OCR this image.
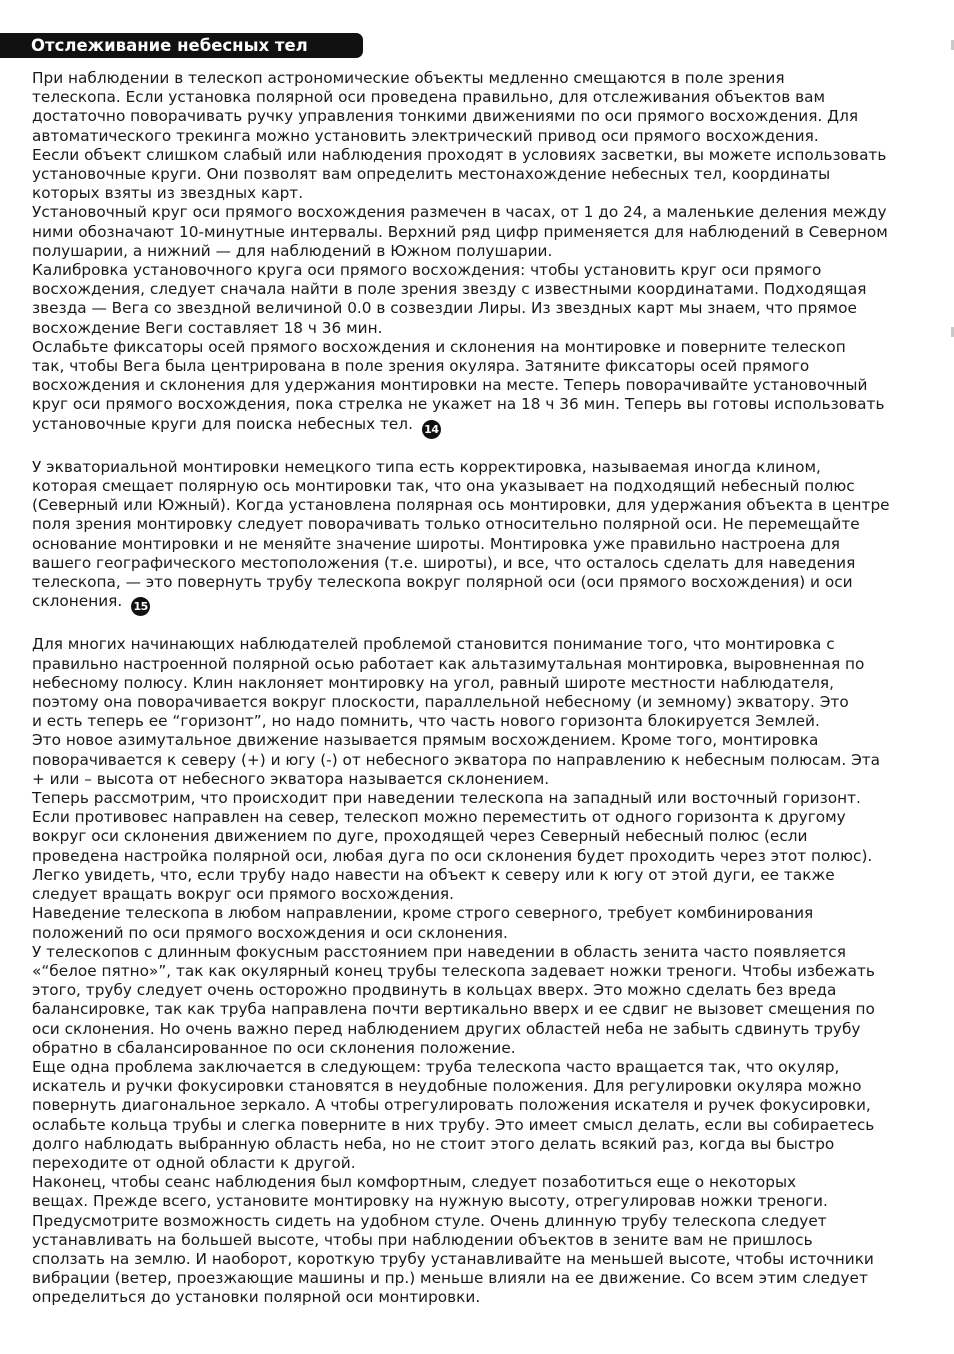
Отслеживание небесных тел
При наблюдении в телескоп астрономические объекты медленно смещаются в поле зрения
телескопа. Если установка полярной оси проведена правильно, для отслеживания объектов вам
достаточно поворачивать ручку управления тонкими движениями по оси прямого восхождения. Для
автоматического трекинга можно установить электрический привод оси прямого восхождения.
Еесли объект слишком слабый или наблюдения проходят в условиях засветки, вы можете использовать
установочные круги. Они позволят вам определить местонахождение небесных тел, координаты
которых взяты из звездных карт.
Установочный круг оси прямого восхождения размечен в часах, от 1 до 24, а маленькие деления между
ними обозначают 10-минутные интервалы. Верхний ряд цифр применяется для наблюдений в Северном
полушарии, а нижний — для наблюдений в Южном полушарии.
Калибровка установочного круга оси прямого восхождения: чтобы установить круг оси прямого
восхождения, следует сначала найти в поле зрения звезду с известными координатами. Подходящая
звезда — Вега со звездной величиной 0.0 в созвездии Лиры. Из звездных карт мы знаем, что прямое
восхождение Веги составляет 18 ч 36 мин.
Ослабьте фиксаторы осей прямого восхождения и склонения на монтировке и поверните телескоп
так, чтобы Вега была центрирована в поле зрения окуляра. Затяните фиксаторы осей прямого
восхождения и склонения для удержания монтировки на месте. Теперь поворачивайте установочный
круг оси прямого восхождения, пока стрелка не укажет на 18 ч 36 мин. Теперь вы готовы использовать
установочные круги для поиска небесных тел. 14
У экваториальной монтировки немецкого типа есть корректировка, называемая иногда клином,
которая смещает полярную ось монтировки так, что она указывает на подходящий небесный полюс
(Северный или Южный). Когда установлена полярная ось монтировки, для удержания объекта в центре
поля зрения монтировку следует поворачивать только относительно полярной оси. Не перемещайте
основание монтировки и не меняйте значение широты. Монтировка уже правильно настроена для
вашего географического местоположения (т.е. широты), и все, что осталось сделать для наведения
телескопа, — это повернуть трубу телескопа вокруг полярной оси (оси прямого восхождения) и оси
склонения. 15
Для многих начинающих наблюдателей проблемой становится понимание того, что монтировка с
правильно настроенной полярной осью работает как альтазимутальная монтировка, выровненная по
небесному полюсу. Клин наклоняет монтировку на угол, равный широте местности наблюдателя,
поэтому она поворачивается вокруг плоскости, параллельной небесному (и земному) экватору. Это
и есть теперь ее “горизонт”, но надо помнить, что часть нового горизонта блокируется Землей.
Это новое азимутальное движение называется прямым восхождением. Кроме того, монтировка
поворачивается к северу (+) и югу (-) от небесного экватора по направлению к небесным полюсам. Эта
+ или – высота от небесного экватора называется склонением.
Теперь рассмотрим, что происходит при наведении телескопа на западный или восточный горизонт.
Если противовес направлен на север, телескоп можно переместить от одного горизонта к другому
вокруг оси склонения движением по дуге, проходящей через Северный небесный полюс (если
проведена настройка полярной оси, любая дуга по оси склонения будет проходить через этот полюс).
Легко увидеть, что, если трубу надо навести на объект к северу или к югу от этой дуги, ее также
следует вращать вокруг оси прямого восхождения.
Наведение телескопа в любом направлении, кроме строго северного, требует комбинирования
положений по оси прямого восхождения и оси склонения.
У телескопов с длинным фокусным расстоянием при наведении в область зенита часто появляется
«“белое пятно»”, так как окулярный конец трубы телескопа задевает ножки треноги. Чтобы избежать
этого, трубу следует очень осторожно продвинуть в кольцах вверх. Это можно сделать без вреда
балансировке, так как труба направлена почти вертикально вверх и ее сдвиг не вызовет смещения по
оси склонения. Но очень важно перед наблюдением других областей неба не забыть сдвинуть трубу
обратно в сбалансированное по оси склонения положение.
Еще одна проблема заключается в следующем: труба телескопа часто вращается так, что окуляр,
искатель и ручки фокусировки становятся в неудобные положения. Для регулировки окуляра можно
повернуть диагональное зеркало. А чтобы отрегулировать положения искателя и ручек фокусировки,
ослабьте кольца трубы и слегка поверните в них трубу. Это имеет смысл делать, если вы собираетесь
долго наблюдать выбранную область неба, но не стоит этого делать всякий раз, когда вы быстро
переходите от одной области к другой.
Наконец, чтобы сеанс наблюдения был комфортным, следует позаботиться еще о некоторых
вещах. Прежде всего, установите монтировку на нужную высоту, отрегулировав ножки треноги.
Предусмотрите возможность сидеть на удобном стуле. Очень длинную трубу телескопа следует
устанавливать на большей высоте, чтобы при наблюдении объектов в зените вам не пришлось
сползать на землю. И наоборот, короткую трубу устанавливайте на меньшей высоте, чтобы источники
вибрации (ветер, проезжающие машины и пр.) меньше влияли на ее движение. Со всем этим следует
определиться до установки полярной оси монтировки.
